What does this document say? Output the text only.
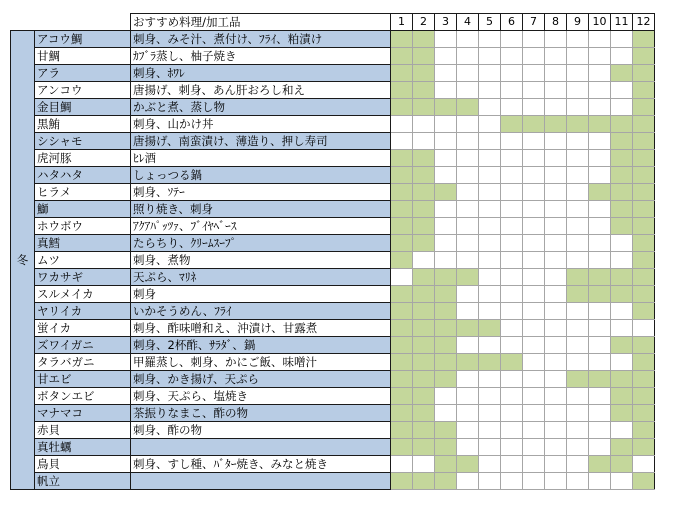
		おすすめ料理/加工品	1	2	3	4	5	6	7	8	9	10	11	12
冬	アコウ鯛	刺身、みそ汁、煮付け、ﾌﾗｲ、粕漬け												
	甘鯛	ｶﾌﾞﾗ蒸し、柚子焼き												
	アラ	刺身、ﾎﾜﾚ												
	アンコウ	唐揚げ、刺身、あん肝おろし和え												
	金目鯛	かぶと煮、蒸し物												
	黒鮪	刺身、山かけ丼												
	シシャモ	唐揚げ、南蛮漬け、薄造り、押し寿司												
	虎河豚	ﾋﾚ酒												
	ハタハタ	しょっつる鍋												
	ヒラメ	刺身、ｿﾃｰ												
	鰤	照り焼き、刺身												
	ホウボウ	ｱｸｱﾊﾟｯﾂｧ、ﾌﾞｲﾔﾍﾞｰｽ												
	真鱈	たらちり、ｸﾘｰﾑｽｰﾌﾟ												
	ムツ	刺身、煮物												
	ワカサギ	天ぷら、ﾏﾘﾈ												
	スルメイカ	刺身												
	ヤリイカ	いかそうめん、ﾌﾗｲ												
	蛍イカ	刺身、酢味噌和え、沖漬け、甘露煮												
	ズワイガニ	刺身、2杯酢、ｻﾗﾀﾞ、鍋												
	タラバガニ	甲羅蒸し、刺身、かにご飯、味噌汁												
	甘エビ	刺身、かき揚げ、天ぷら												
	ボタンエビ	刺身、天ぷら、塩焼き												
	マナマコ	茶振りなまこ、酢の物												
	赤貝	刺身、酢の物												
	真牡蠣													
	鳥貝	刺身、すし種、ﾊﾞﾀｰ焼き、みなと焼き												
	帆立													
